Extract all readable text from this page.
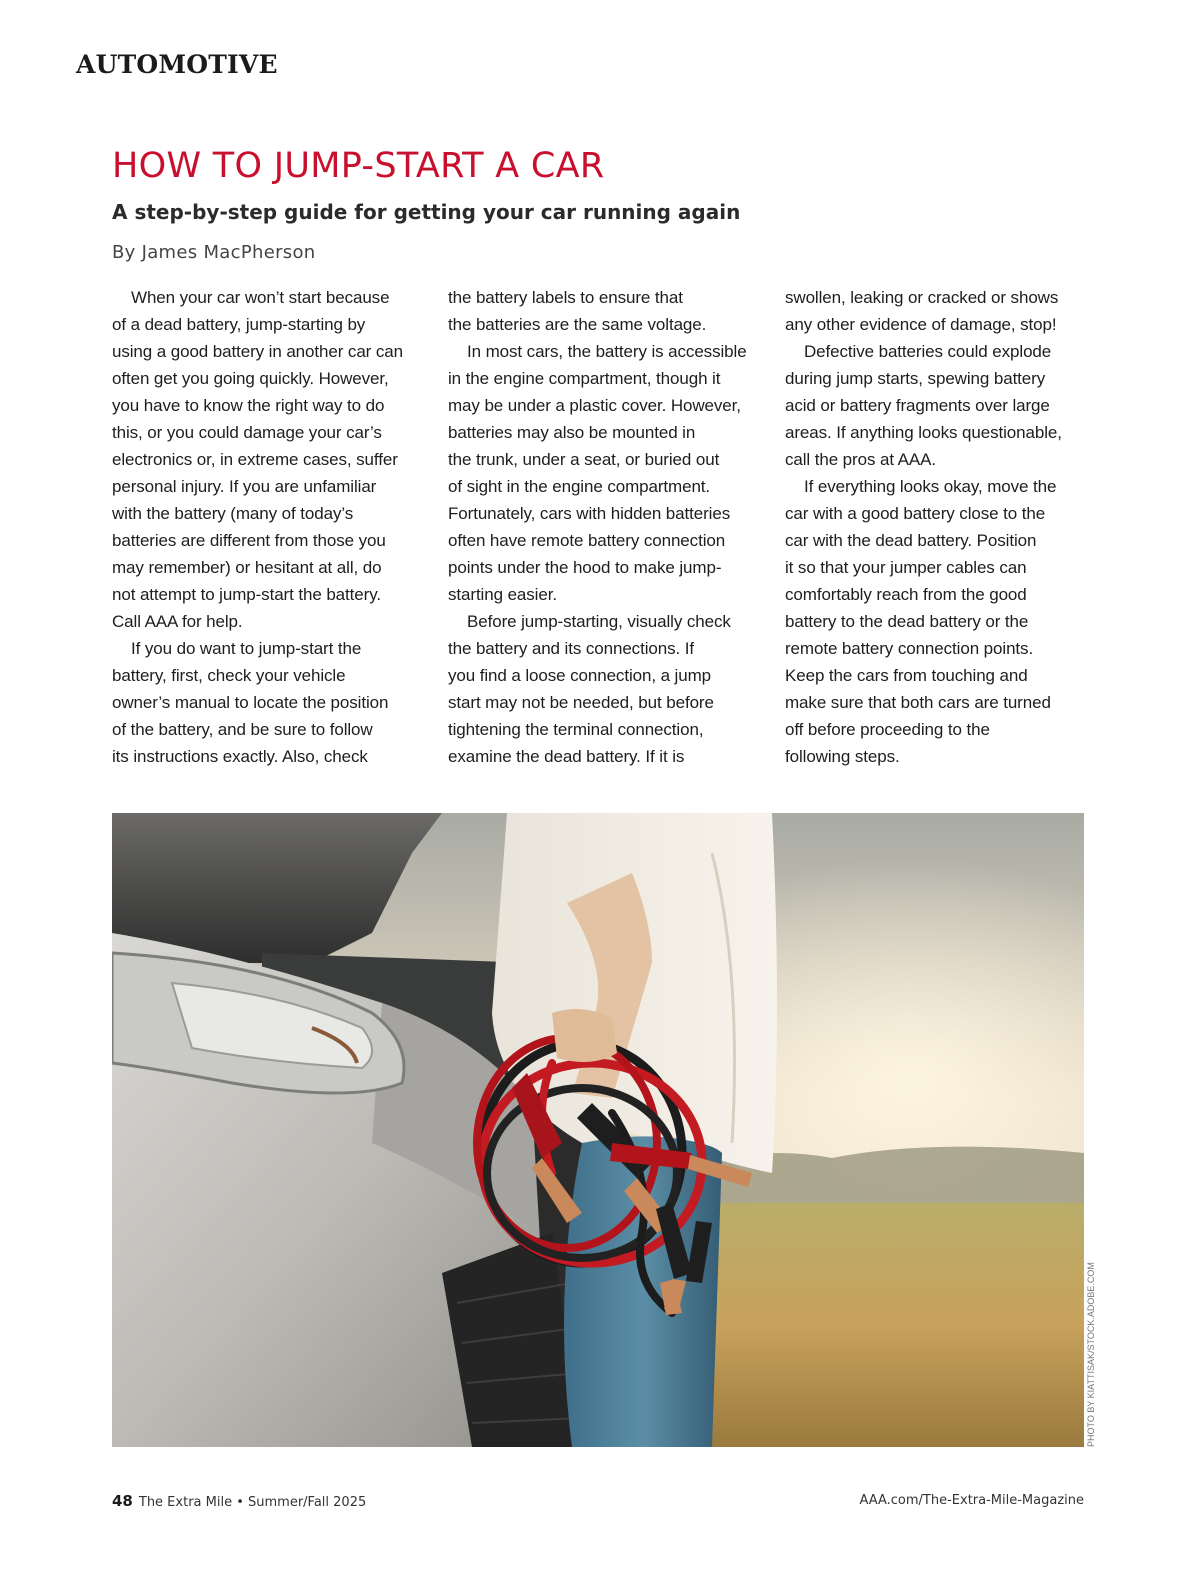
AUTOMOTIVE
HOW TO JUMP-START A CAR
A step-by-step guide for getting your car running again
By James MacPherson
When your car won’t start because
of a dead battery, jump-starting by
using a good battery in another car can
often get you going quickly. However,
you have to know the right way to do
this, or you could damage your car’s
electronics or, in extreme cases, suffer
personal injury. If you are unfamiliar
with the battery (many of today’s
batteries are different from those you
may remember) or hesitant at all, do
not attempt to jump-start the battery.
Call AAA for help.
If you do want to jump-start the
battery, first, check your vehicle
owner’s manual to locate the position
of the battery, and be sure to follow
its instructions exactly. Also, check
the battery labels to ensure that
the batteries are the same voltage.
In most cars, the battery is accessible
in the engine compartment, though it
may be under a plastic cover. However,
batteries may also be mounted in
the trunk, under a seat, or buried out
of sight in the engine compartment.
Fortunately, cars with hidden batteries
often have remote battery connection
points under the hood to make jump-
starting easier.
Before jump-starting, visually check
the battery and its connections. If
you find a loose connection, a jump
start may not be needed, but before
tightening the terminal connection,
examine the dead battery. If it is
swollen, leaking or cracked or shows
any other evidence of damage, stop!
Defective batteries could explode
during jump starts, spewing battery
acid or battery fragments over large
areas. If anything looks questionable,
call the pros at AAA.
If everything looks okay, move the
car with a good battery close to the
car with the dead battery. Position
it so that your jumper cables can
comfortably reach from the good
battery to the dead battery or the
remote battery connection points.
Keep the cars from touching and
make sure that both cars are turned
off before proceeding to the
following steps.
PHOTO BY KIATTISAK/STOCK.ADOBE.COM
48 The Extra Mile • Summer/Fall 2025	AAA.com/The-Extra-Mile-Magazine
